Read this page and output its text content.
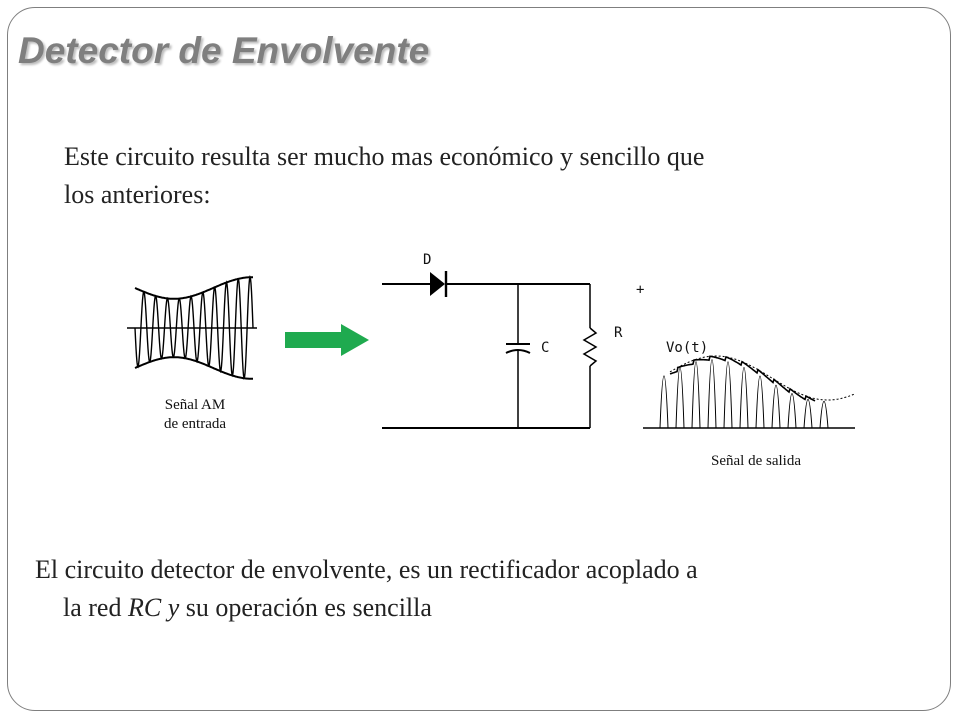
Detector de Envolvente
Este circuito resulta ser mucho mas económico y sencillo que
los anteriores:
Señal AM
de entrada
D
C
R
+
Vo(t)
Señal de salida
El circuito detector de envolvente, es un rectificador acoplado a
la red RC y su operación es sencilla
